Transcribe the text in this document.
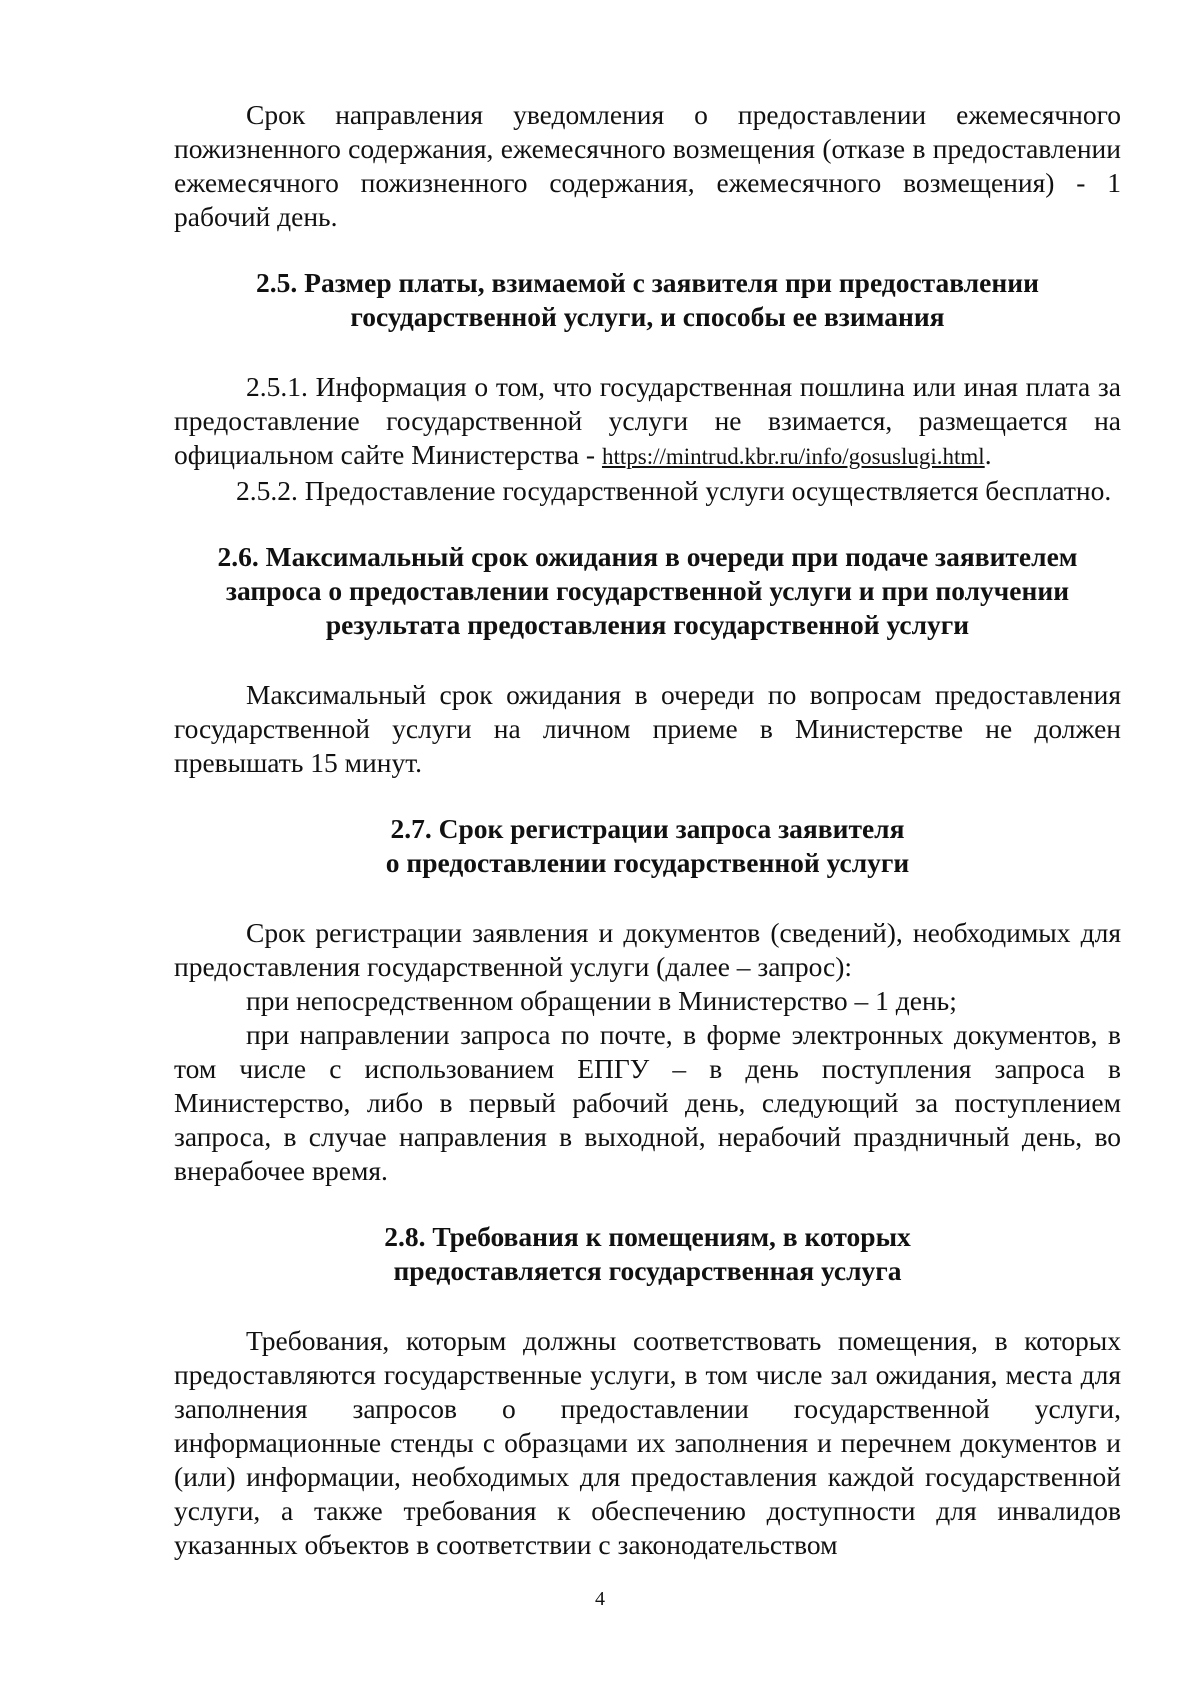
Срок направления уведомления о предоставлении ежемесячного пожизненного содержания, ежемесячного возмещения (отказе в предоставлении ежемесячного пожизненного содержания, ежемесячного возмещения) - 1 рабочий день.

2.5. Размер платы, взимаемой с заявителя при предоставлении
государственной услуги, и способы ее взимания

2.5.1. Информация о том, что государственная пошлина или иная плата за предоставление государственной услуги не взимается, размещается на официальном сайте Министерства - https://mintrud.kbr.ru/info/gosuslugi.html.

2.5.2. Предоставление государственной услуги осуществляется бесплатно.

2.6. Максимальный срок ожидания в очереди при подаче заявителем
запроса о предоставлении государственной услуги и при получении
результата предоставления государственной услуги

Максимальный срок ожидания в очереди по вопросам предоставления государственной услуги на личном приеме в Министерстве не должен превышать 15 минут.

2.7. Срок регистрации запроса заявителя
о предоставлении государственной услуги

Срок регистрации заявления и документов (сведений), необходимых для предоставления государственной услуги (далее – запрос):

при непосредственном обращении в Министерство – 1 день;

при направлении запроса по почте, в форме электронных документов, в том числе с использованием ЕПГУ – в день поступления запроса в Министерство, либо в первый рабочий день, следующий за поступлением запроса, в случае направления в выходной, нерабочий праздничный день, во внерабочее время.

2.8. Требования к помещениям, в которых
предоставляется государственная услуга

Требования, которым должны соответствовать помещения, в которых предоставляются государственные услуги, в том числе зал ожидания, места для заполнения запросов о предоставлении государственной услуги, информационные стенды с образцами их заполнения и перечнем документов и (или) информации, необходимых для предоставления каждой государственной услуги, а также требования к обеспечению доступности для инвалидов указанных объектов в соответствии с законодательством

4
